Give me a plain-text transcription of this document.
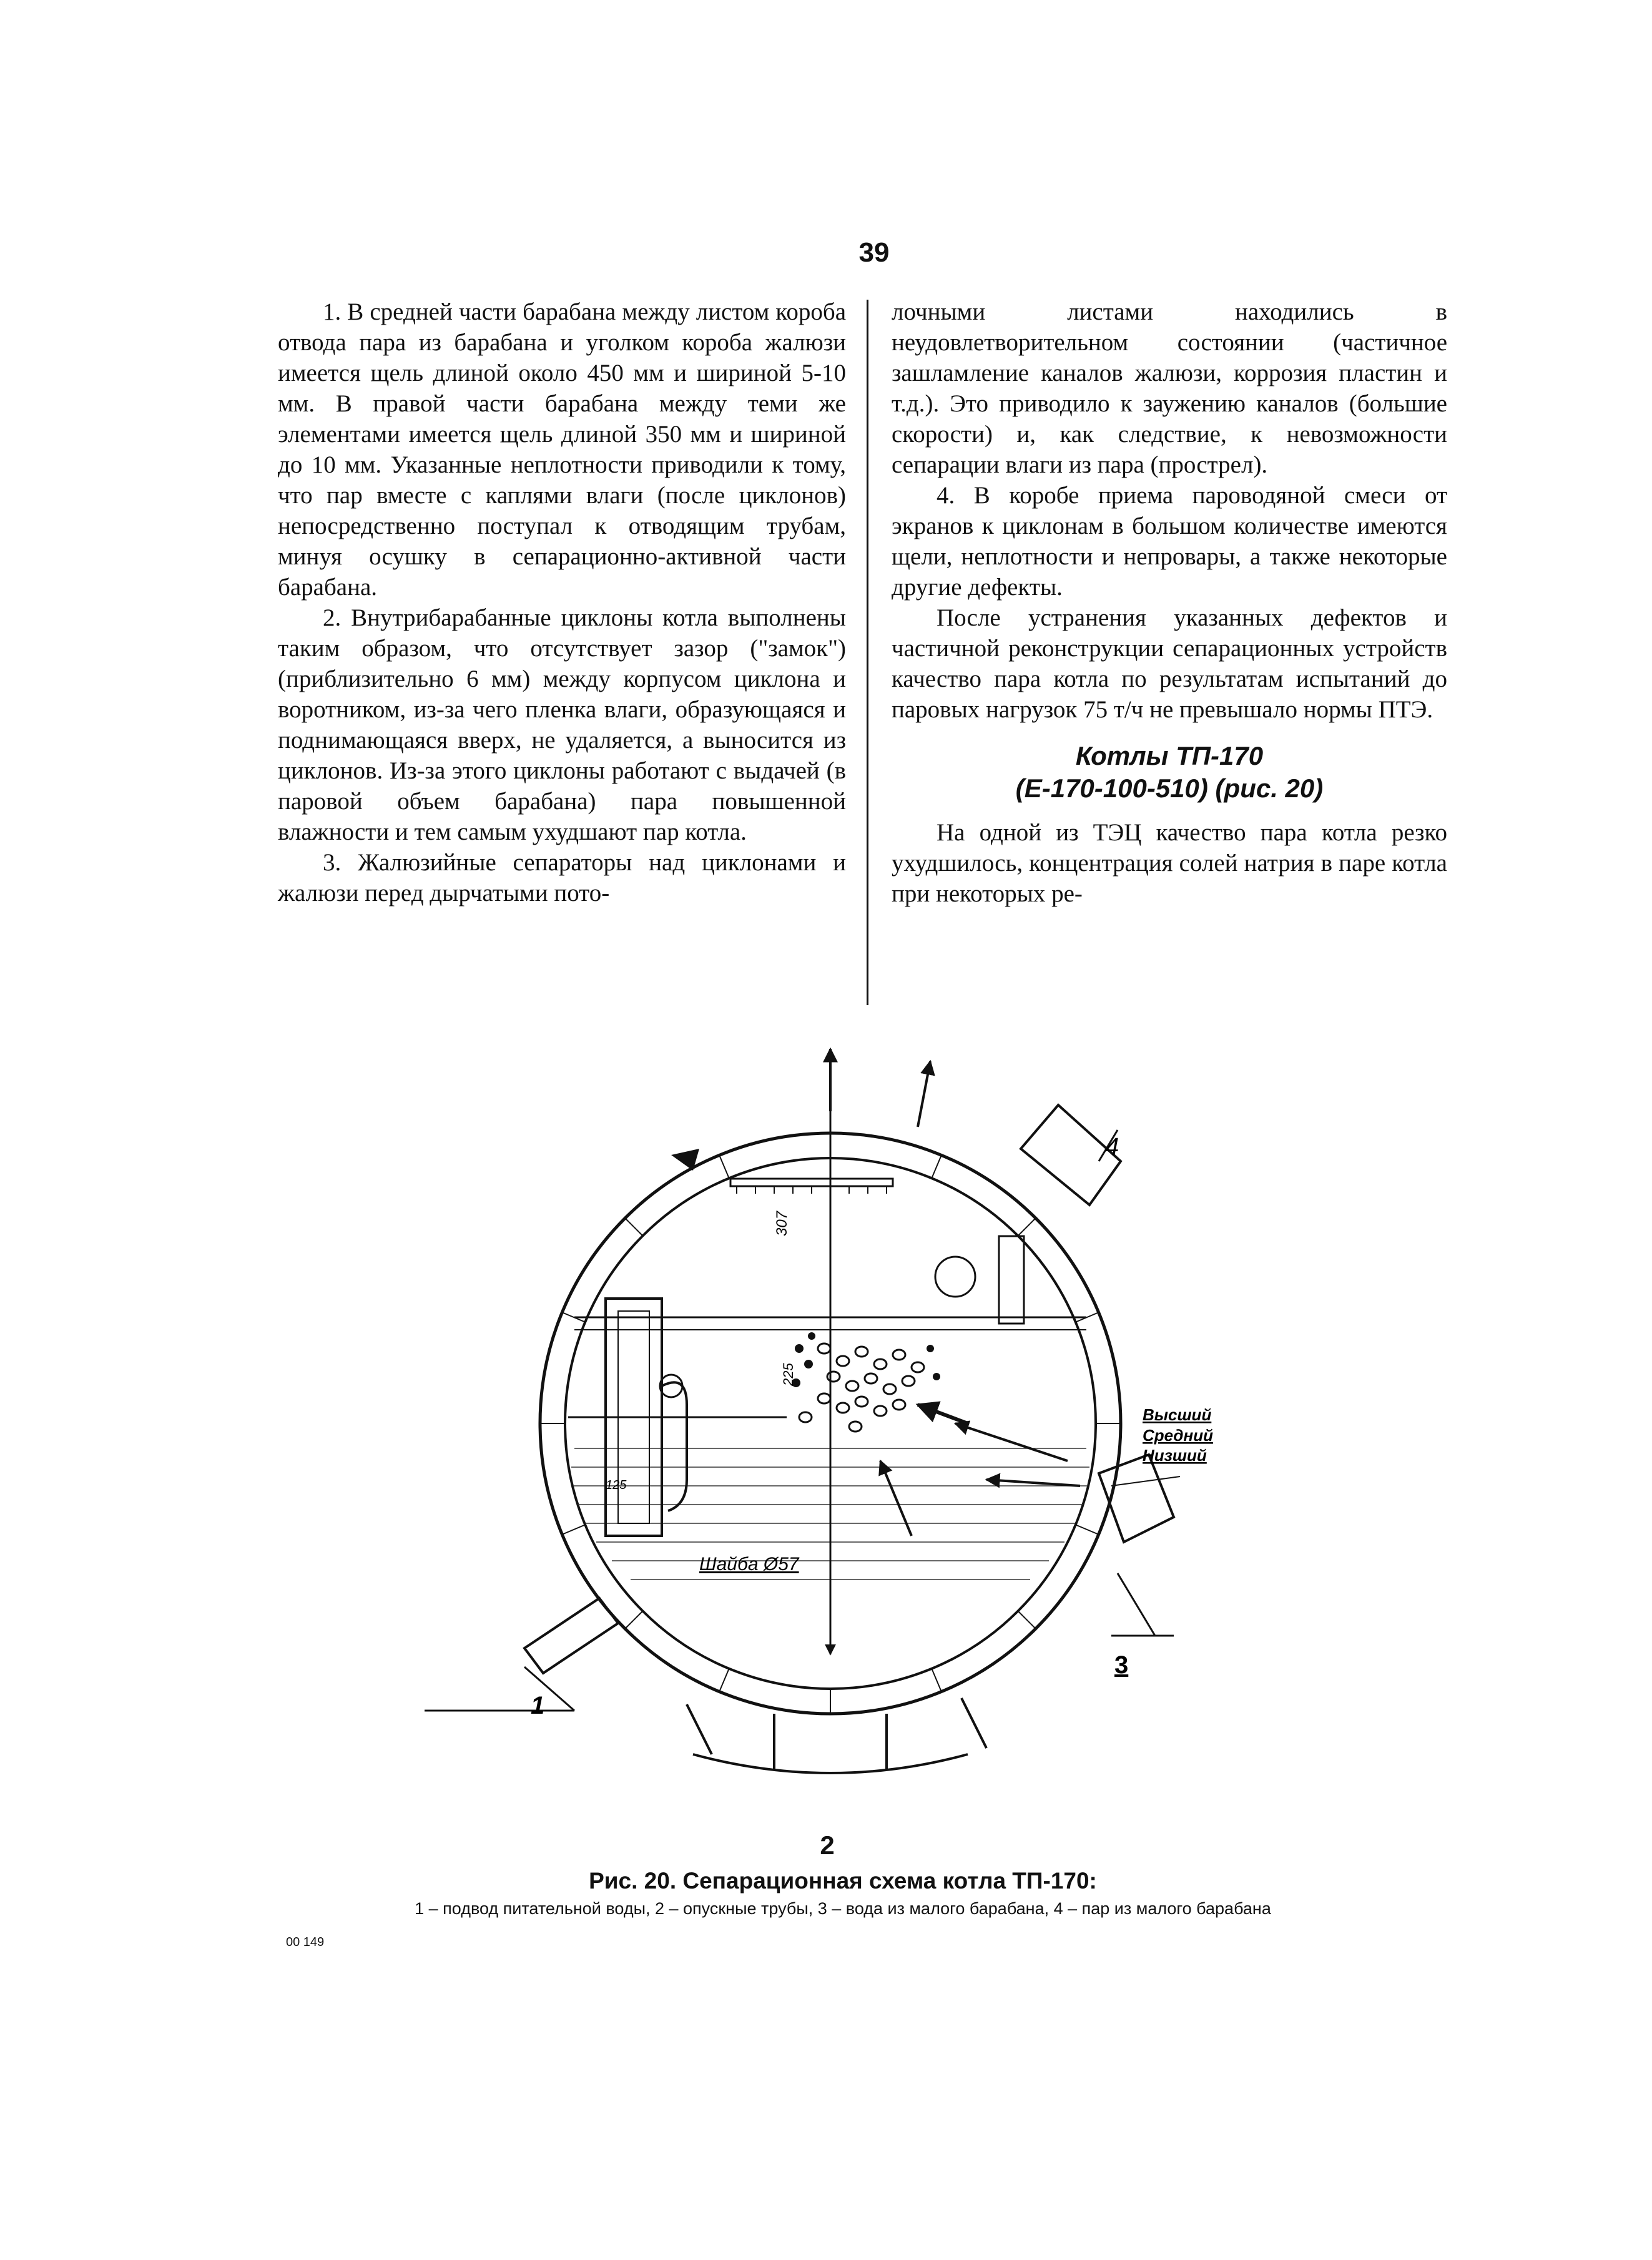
39

1. В средней части барабана между листом короба отвода пара из барабана и уголком короба жалюзи имеется щель длиной около 450 мм и шириной 5-10 мм. В правой части барабана между теми же элементами имеется щель длиной 350 мм и шириной до 10 мм. Указанные неплотности приводили к тому, что пар вместе с каплями влаги (после циклонов) непосредственно поступал к отводящим трубам, минуя осушку в сепарационно-активной части барабана.

2. Внутрибарабанные циклоны котла выполнены таким образом, что отсутствует зазор ("замок") (приблизительно 6 мм) между корпусом циклона и воротником, из-за чего пленка влаги, образующаяся и поднимающаяся вверх, не удаляется, а выносится из циклонов. Из-за этого циклоны работают с выдачей (в паровой объем барабана) пара повышенной влажности и тем самым ухудшают пар котла.

3. Жалюзийные сепараторы над циклонами и жалюзи перед дырчатыми пото-

лочными листами находились в неудовлетворительном состоянии (частичное зашламление каналов жалюзи, коррозия пластин и т.д.). Это приводило к заужению каналов (большие скорости) и, как следствие, к невозможности сепарации влаги из пара (прострел).

4. В коробе приема пароводяной смеси от экранов к циклонам в большом количестве имеются щели, неплотности и непровары, а также некоторые другие дефекты.

После устранения указанных дефектов и частичной реконструкции сепарационных устройств качество пара котла по результатам испытаний до паровых нагрузок 75 т/ч не превышало нормы ПТЭ.

Котлы ТП-170
(Е-170-100-510) (рис. 20)

На одной из ТЭЦ качество пара котла резко ухудшилось, концентрация солей натрия в паре котла при некоторых ре-

307
225
125
Шайба Ø57
Высший
Средний
Низший
1
3
4
2
Рис. 20. Сепарационная схема котла ТП-170:
1 – подвод питательной воды, 2 – опускные трубы, 3 – вода из малого барабана, 4 – пар из малого барабана
00 149
